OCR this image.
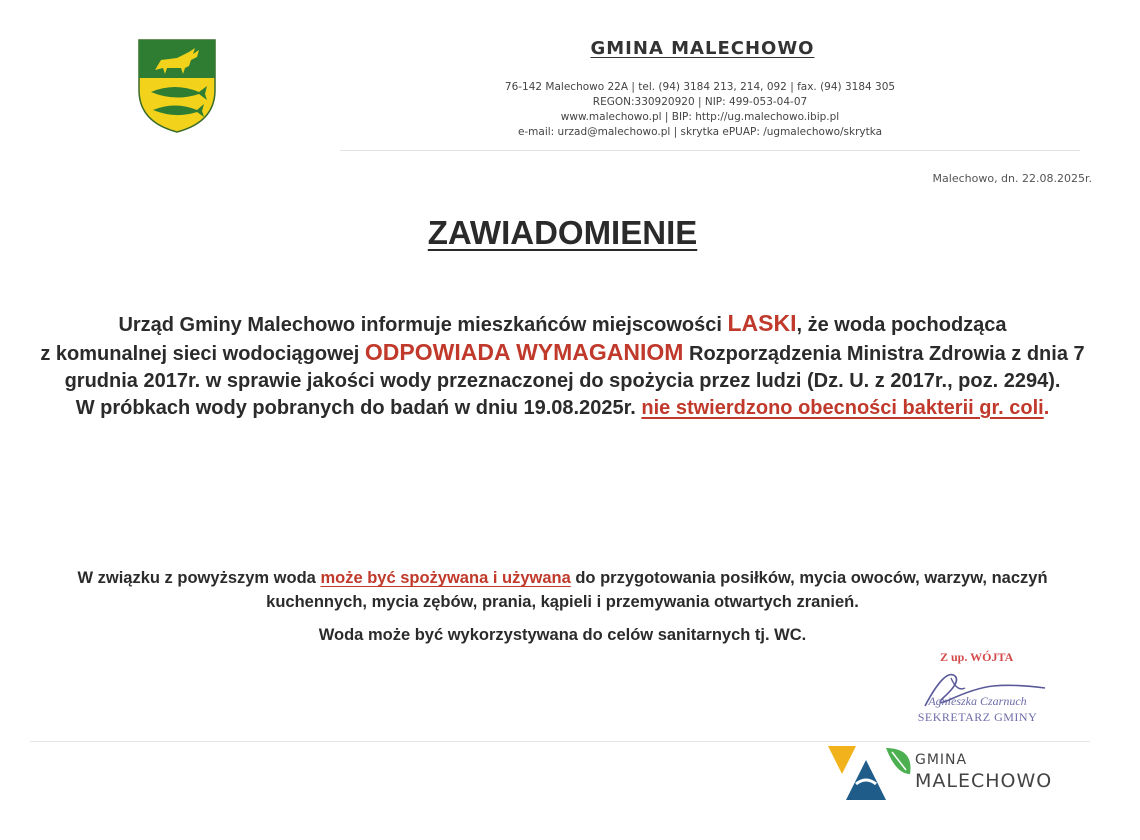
GMINA MALECHOWO
76-142 Malechowo 22A | tel. (94) 3184 213, 214, 092 | fax. (94) 3184 305
REGON:330920920 | NIP: 499-053-04-07
www.malechowo.pl | BIP: http://ug.malechowo.ibip.pl
e-mail: urzad@malechowo.pl | skrytka ePUAP: /ugmalechowo/skrytka
Malechowo, dn. 22.08.2025r.
ZAWIADOMIENIE
Urząd Gminy Malechowo informuje mieszkańców miejscowości LASKI, że woda pochodząca
z komunalnej sieci wodociągowej ODPOWIADA WYMAGANIOM Rozporządzenia Ministra Zdrowia z dnia 7 grudnia 2017r. w sprawie jakości wody przeznaczonej do spożycia przez ludzi (Dz. U. z 2017r., poz. 2294).
W próbkach wody pobranych do badań w dniu 19.08.2025r. nie stwierdzono obecności bakterii gr. coli.
W związku z powyższym woda może być spożywana i używana do przygotowania posiłków, mycia owoców, warzyw, naczyń kuchennych, mycia zębów, prania, kąpieli i przemywania otwartych zranień.
Woda może być wykorzystywana do celów sanitarnych tj. WC.
Z up. WÓJTA
Agnieszka Czarnuch
SEKRETARZ GMINY
GMINA
MALECHOWO
